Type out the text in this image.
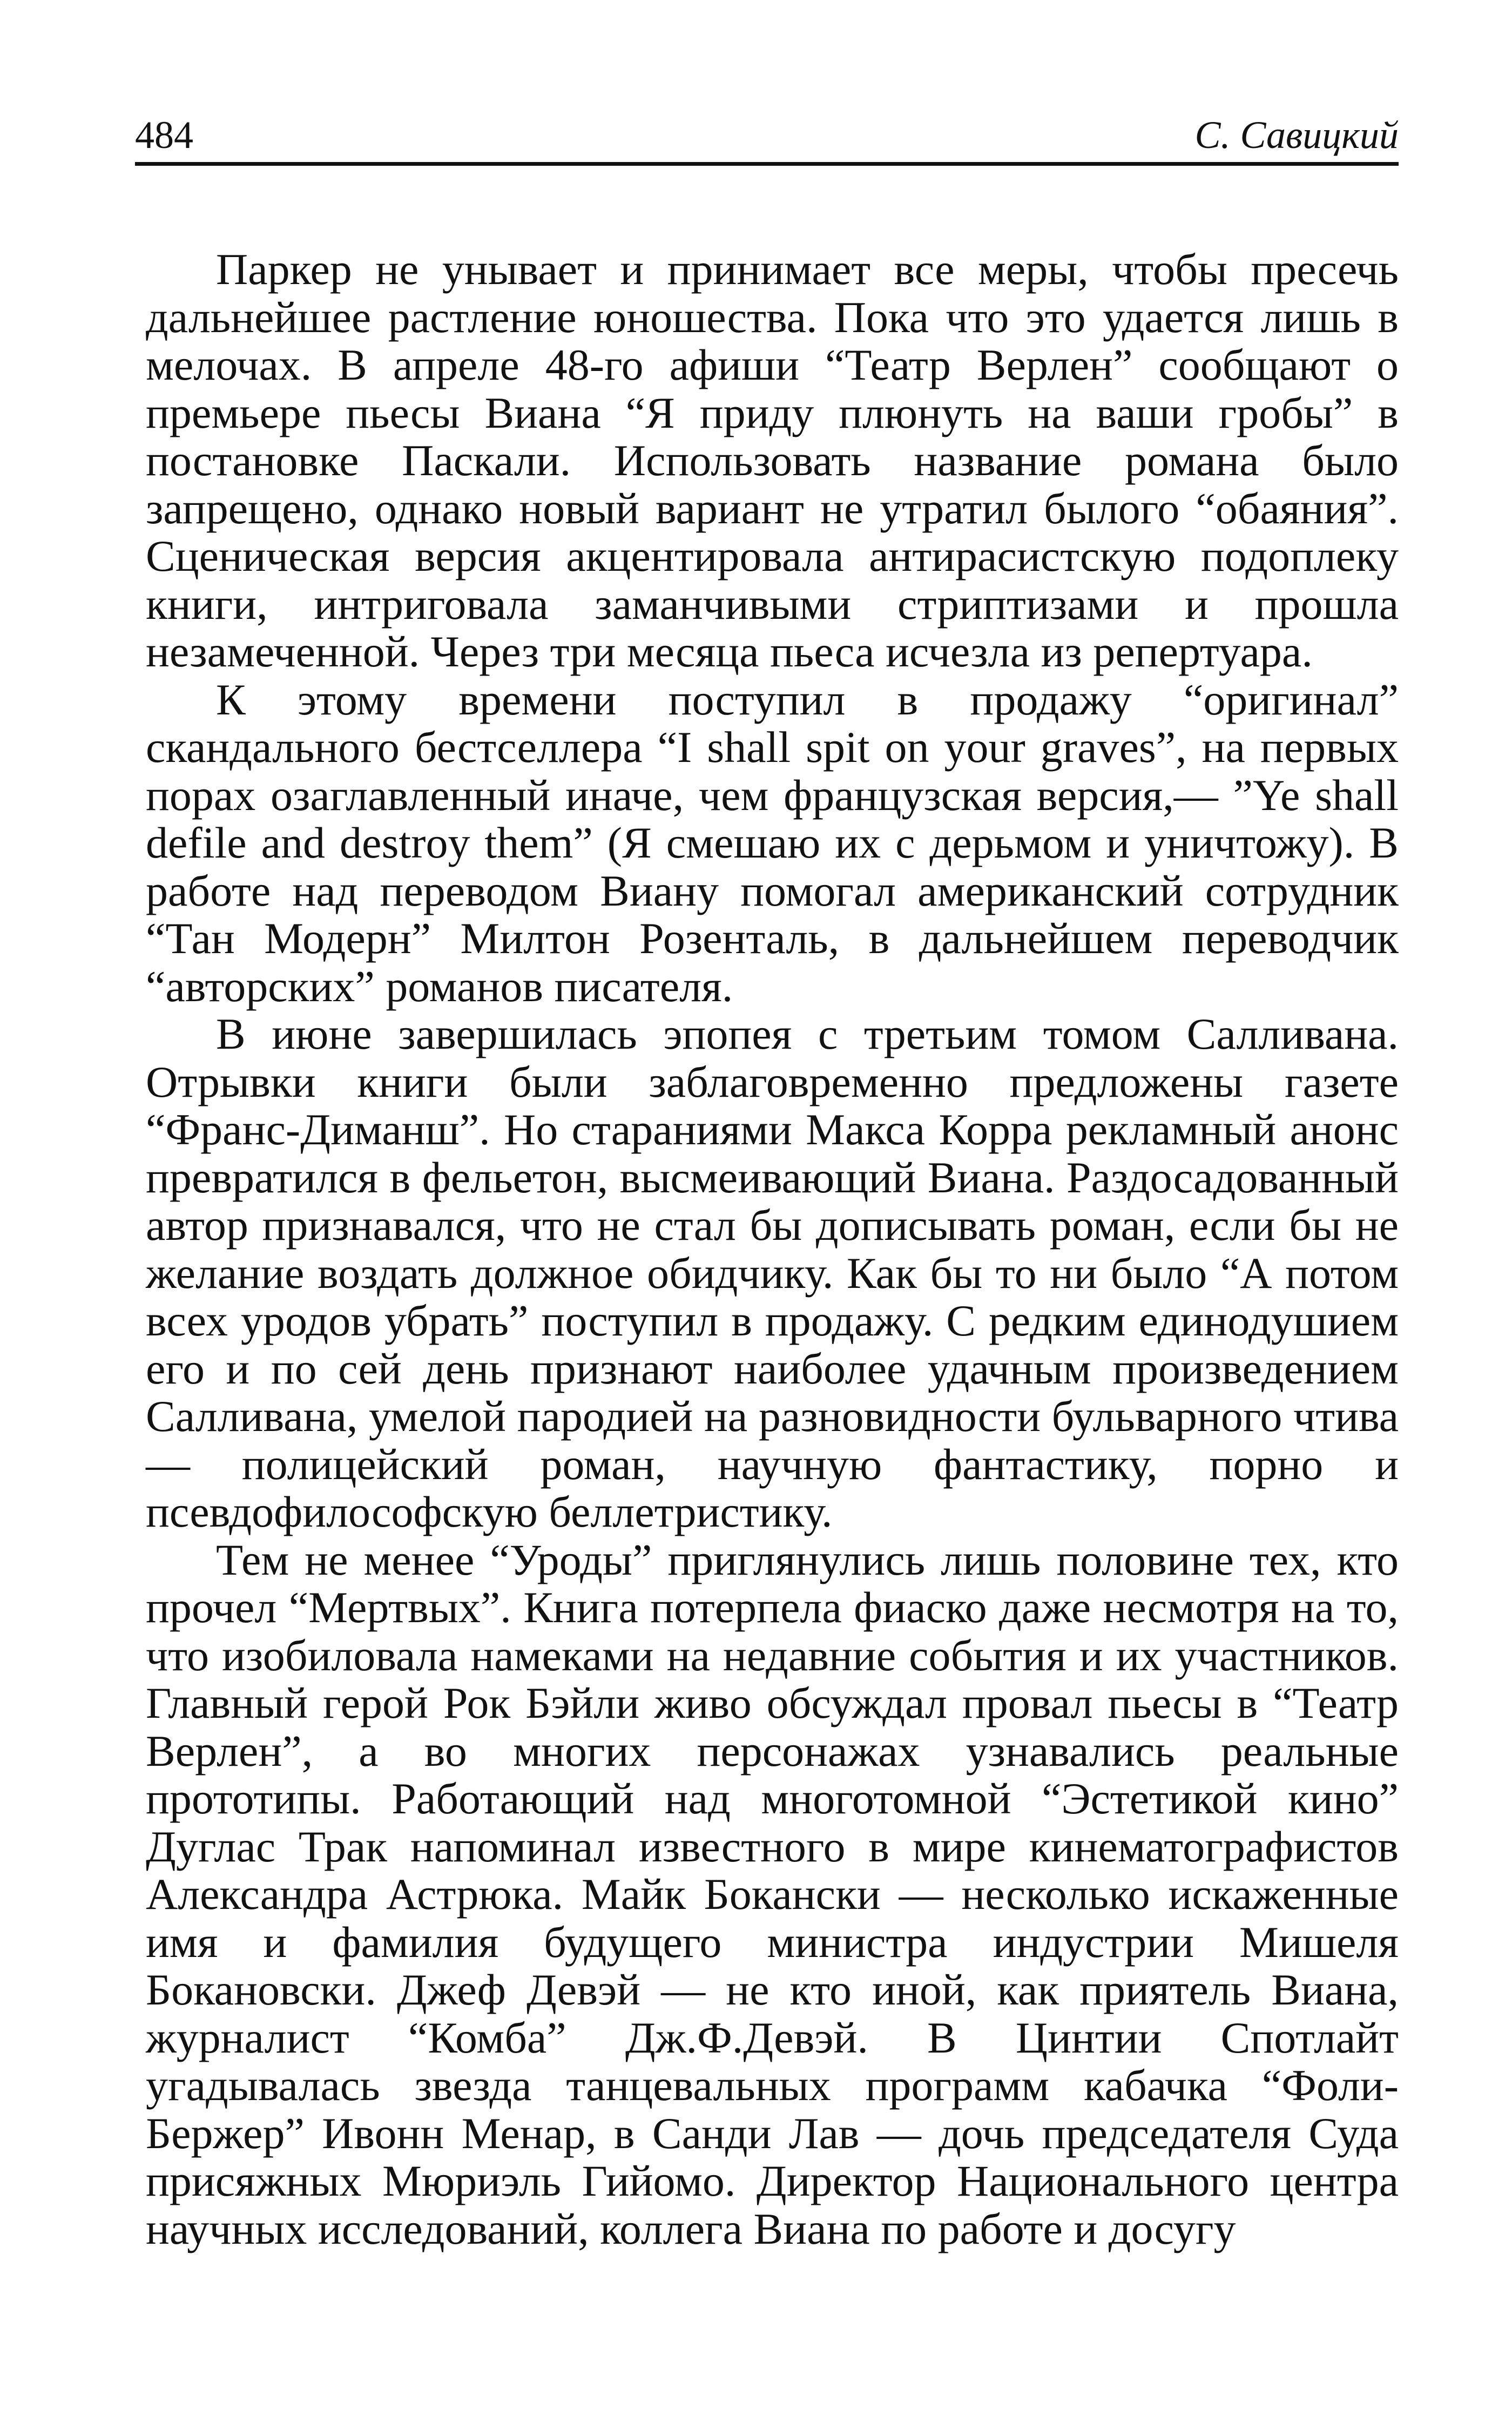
484	С. Савицкий

Паркер не унывает и принимает все меры, чтобы пресечь дальнейшее растление юношества. Пока что это удается лишь в мелочах. В апреле 48-го афиши “Театр Верлен” сообщают о премьере пьесы Виана “Я приду плюнуть на ваши гробы” в постановке Паскали. Использовать название романа было запрещено, однако новый вариант не утратил былого “обаяния”. Сценическая версия акцентировала антирасистскую подоплеку книги, интриговала заманчивыми стриптизами и прошла незамеченной. Через три месяца пьеса исчезла из репертуара.

К этому времени поступил в продажу “оригинал” скандального бестселлера “I shall spit on your graves”, на первых порах озаглавленный иначе, чем французская версия,— ”Ye shall defile and destroy them” (Я смешаю их с дерьмом и уничтожу). В работе над переводом Виану помогал американский сотрудник “Тан Модерн” Милтон Розенталь, в дальнейшем переводчик “авторских” романов писателя.

В июне завершилась эпопея с третьим томом Салливана. Отрывки книги были заблаговременно предложены газете “Франс-Диманш”. Но стараниями Макса Корра рекламный анонс превратился в фельетон, высмеивающий Виана. Раздосадованный автор признавался, что не стал бы дописывать роман, если бы не желание воздать должное обидчику. Как бы то ни было “А потом всех уродов убрать” поступил в продажу. С редким единодушием его и по сей день признают наиболее удачным произведением Салливана, умелой пародией на разновидности бульварного чтива — полицейский роман, научную фантастику, порно и псевдофилософскую беллетристику.

Тем не менее “Уроды” приглянулись лишь половине тех, кто прочел “Мертвых”. Книга потерпела фиаско даже несмотря на то, что изобиловала намеками на недавние события и их участников. Главный герой Рок Бэйли живо обсуждал провал пьесы в “Театр Верлен”, а во многих персонажах узнавались реальные прототипы. Работающий над многотомной “Эстетикой кино” Дуглас Трак напоминал известного в мире кинематографистов Александра Астрюка. Майк Бокански — несколько искаженные имя и фамилия будущего министра индустрии Мишеля Бокановски. Джеф Девэй — не кто иной, как приятель Виана, журналист “Комба” Дж.Ф.Девэй. В Цинтии Спотлайт угадывалась звезда танцевальных программ кабачка “Фоли-Бержер” Ивонн Менар, в Санди Лав — дочь председателя Суда присяжных Мюриэль Гийомо. Директор Национального центра научных исследований, коллега Виана по работе и досугу
